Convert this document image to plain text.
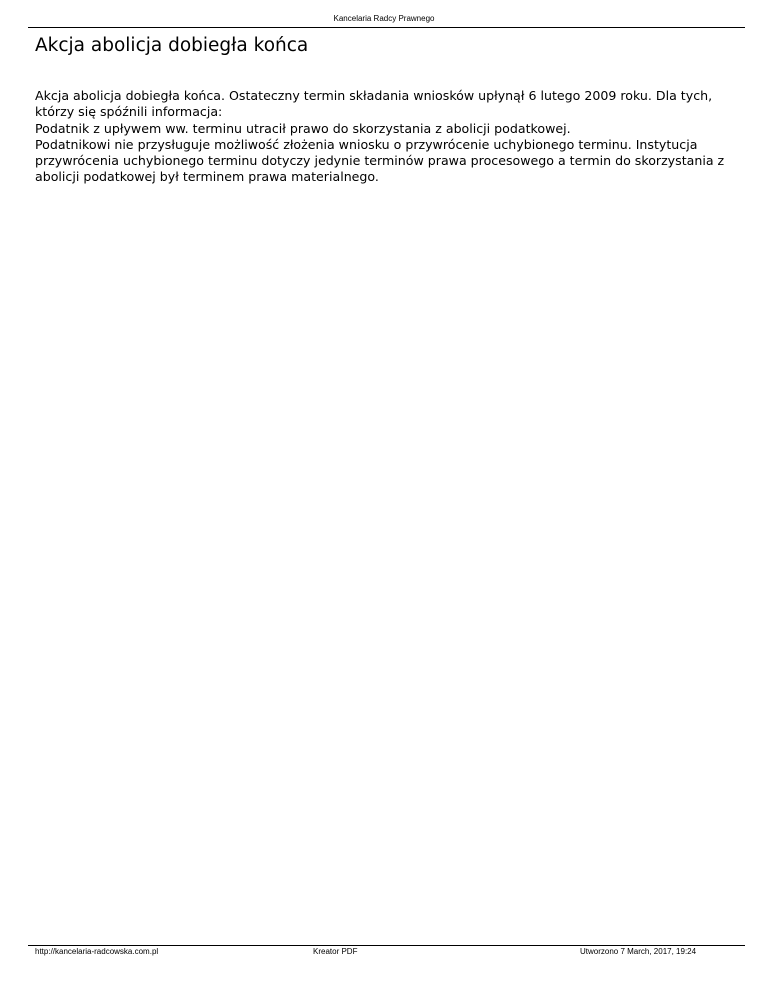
Kancelaria Radcy Prawnego
Akcja abolicja dobiegła końca

Akcja abolicja dobiegła końca. Ostateczny termin składania wniosków upłynął 6 lutego 2009 roku. Dla tych, którzy się spóźnili informacja:

Podatnik z upływem ww. terminu utracił prawo do skorzystania z abolicji podatkowej.

Podatnikowi nie przysługuje możliwość złożenia wniosku o przywrócenie uchybionego terminu. Instytucja przywrócenia uchybionego terminu dotyczy jedynie terminów prawa procesowego a termin do skorzystania z abolicji podatkowej był terminem prawa materialnego.

http://kancelaria-radcowska.com.pl	Kreator PDF	Utworzono 7 March, 2017, 19:24
